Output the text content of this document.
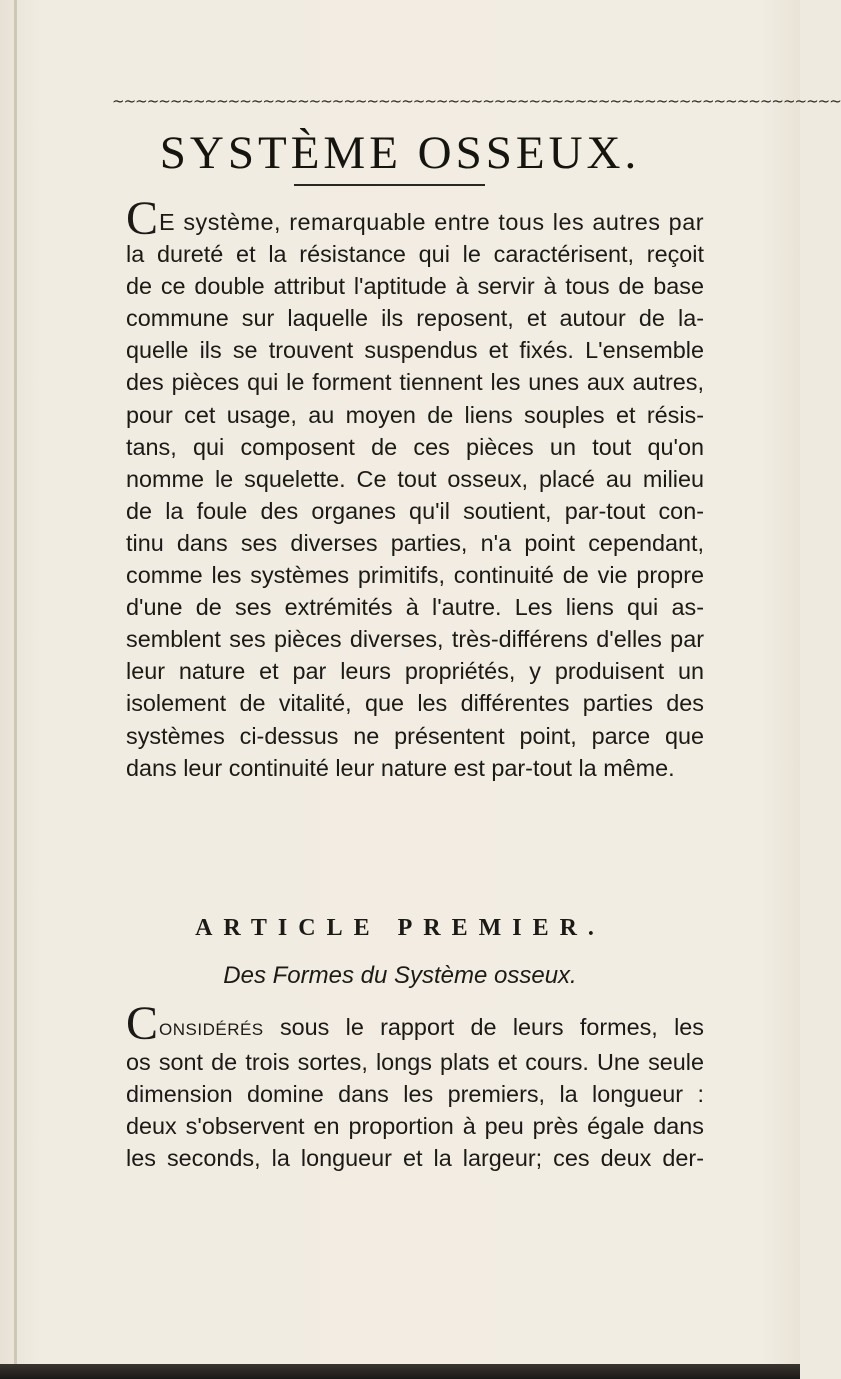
~~~~~~~~~~~~~~~~~~~~~~~~~~~~~~~~~~~~~~~~~~~~~~~~~~~~~~~~~~~~~~~
SYSTÈME OSSEUX.
CE système, remarquable entre tous les autres par
la dureté et la résistance qui le caractérisent, reçoit
de ce double attribut l'aptitude à servir à tous de base
commune sur laquelle ils reposent, et autour de la-
quelle ils se trouvent suspendus et fixés. L'ensemble
des pièces qui le forment tiennent les unes aux autres,
pour cet usage, au moyen de liens souples et résis-
tans, qui composent de ces pièces un tout qu'on
nomme le squelette. Ce tout osseux, placé au milieu
de la foule des organes qu'il soutient, par-tout con-
tinu dans ses diverses parties, n'a point cependant,
comme les systèmes primitifs, continuité de vie propre
d'une de ses extrémités à l'autre. Les liens qui as-
semblent ses pièces diverses, très-différens d'elles par
leur nature et par leurs propriétés, y produisent un
isolement de vitalité, que les différentes parties des
systèmes ci-dessus ne présentent point, parce que
dans leur continuité leur nature est par-tout la même.
ARTICLE PREMIER.
Des Formes du Système osseux.
CONSIDÉRÉS sous le rapport de leurs formes, les
os sont de trois sortes, longs plats et cours. Une seule
dimension domine dans les premiers, la longueur :
deux s'observent en proportion à peu près égale dans
les seconds, la longueur et la largeur; ces deux der-
